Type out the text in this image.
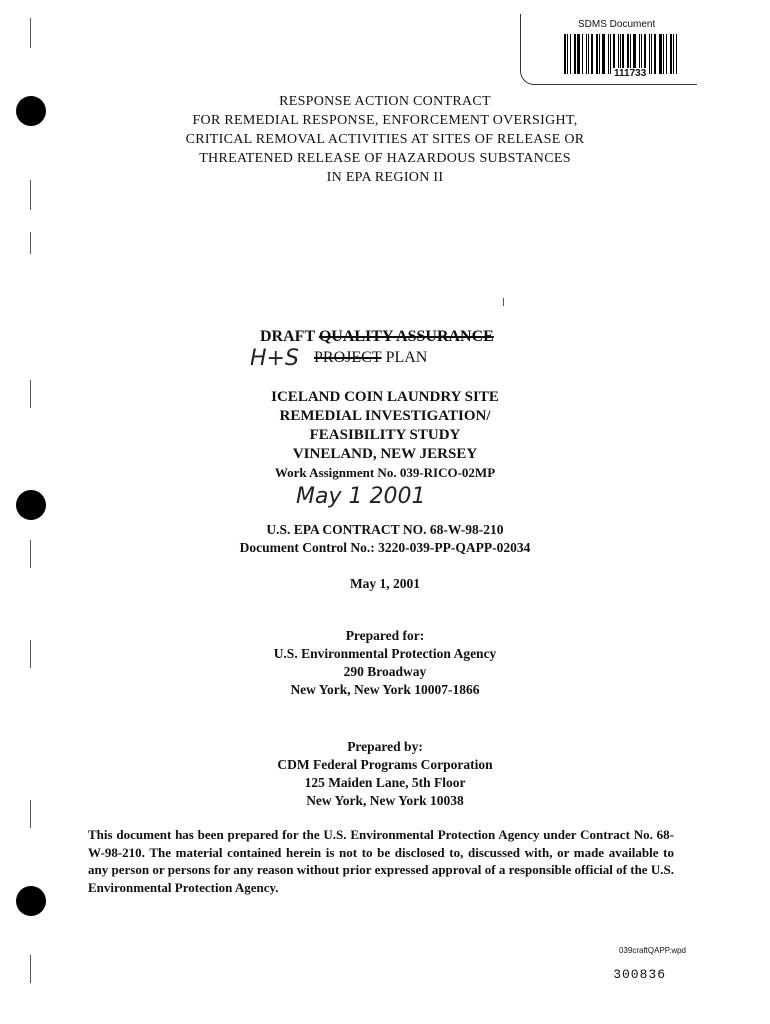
SDMS Document
111733
RESPONSE ACTION CONTRACT
FOR REMEDIAL RESPONSE, ENFORCEMENT OVERSIGHT,
CRITICAL REMOVAL ACTIVITIES AT SITES OF RELEASE OR
THREATENED RELEASE OF HAZARDOUS SUBSTANCES
IN EPA REGION II
DRAFT QUALITY ASSURANCE
H+S PROJECT PLAN
ICELAND COIN LAUNDRY SITE
REMEDIAL INVESTIGATION/
FEASIBILITY STUDY
VINELAND, NEW JERSEY
Work Assignment No. 039-RICO-02MP
May 1 2001
U.S. EPA CONTRACT NO. 68-W-98-210
Document Control No.: 3220-039-PP-QAPP-02034
May 1, 2001
Prepared for:
U.S. Environmental Protection Agency
290 Broadway
New York, New York 10007-1866
Prepared by:
CDM Federal Programs Corporation
125 Maiden Lane, 5th Floor
New York, New York 10038
This document has been prepared for the U.S. Environmental Protection Agency under Contract No. 68-W-98-210. The material contained herein is not to be disclosed to, discussed with, or made available to any person or persons for any reason without prior expressed approval of a responsible official of the U.S. Environmental Protection Agency.
039craftQAPP.wpd
300836
